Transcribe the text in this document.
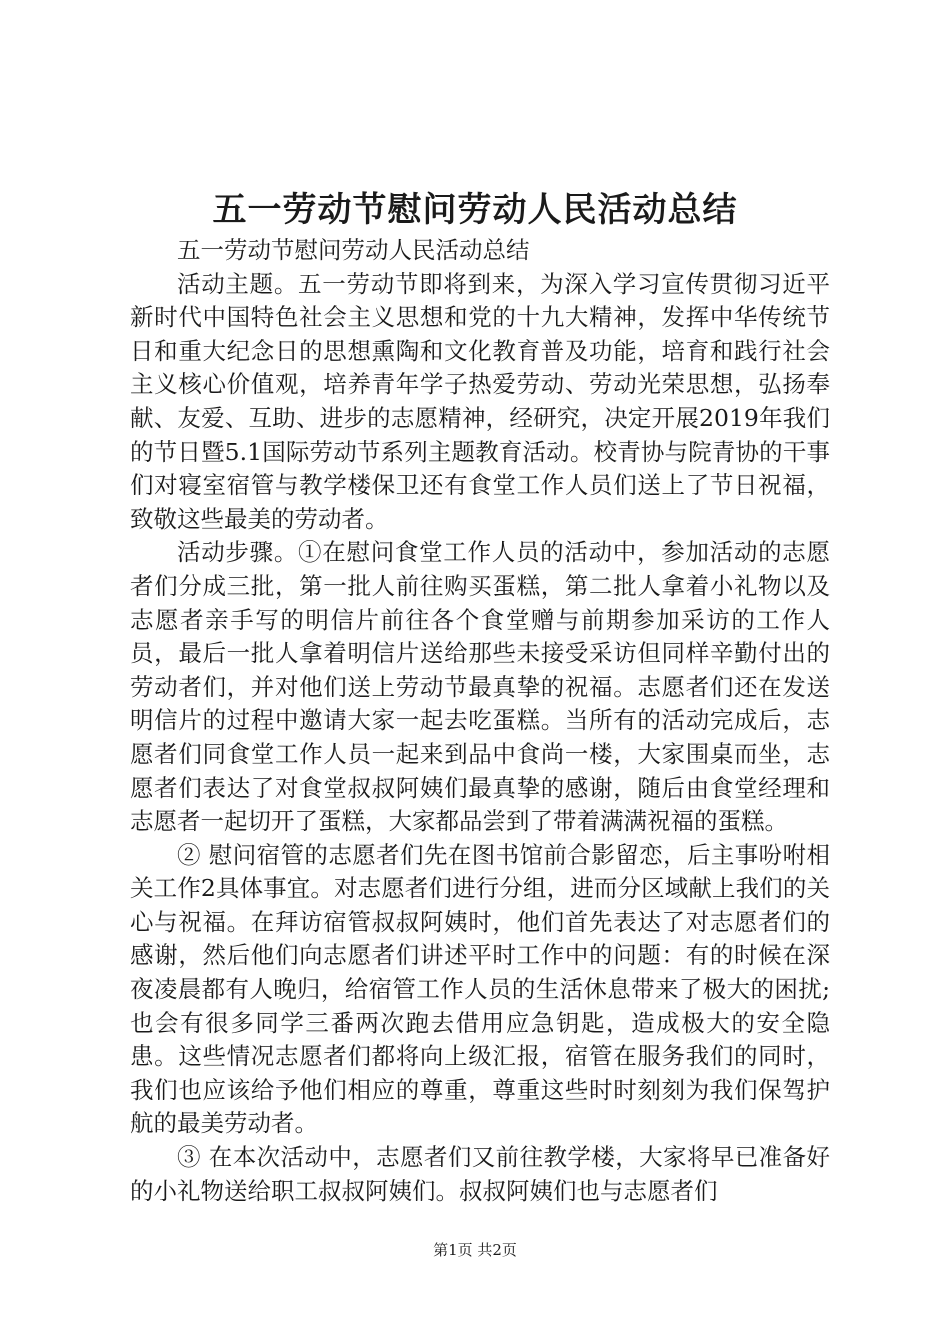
五一劳动节慰问劳动人民活动总结

五一劳动节慰问劳动人民活动总结

活动主题。五一劳动节即将到来，为深入学习宣传贯彻习近平新时代中国特色社会主义思想和党的十九大精神，发挥中华传统节日和重大纪念日的思想熏陶和文化教育普及功能，培育和践行社会主义核心价值观，培养青年学子热爱劳动、劳动光荣思想，弘扬奉献、友爱、互助、进步的志愿精神，经研究，决定开展2019年我们的节日暨5.1国际劳动节系列主题教育活动。校青协与院青协的干事们对寝室宿管与教学楼保卫还有食堂工作人员们送上了节日祝福，致敬这些最美的劳动者。

活动步骤。①在慰问食堂工作人员的活动中，参加活动的志愿者们分成三批，第一批人前往购买蛋糕，第二批人拿着小礼物以及志愿者亲手写的明信片前往各个食堂赠与前期参加采访的工作人员，最后一批人拿着明信片送给那些未接受采访但同样辛勤付出的劳动者们，并对他们送上劳动节最真挚的祝福。志愿者们还在发送明信片的过程中邀请大家一起去吃蛋糕。当所有的活动完成后，志愿者们同食堂工作人员一起来到品中食尚一楼，大家围桌而坐，志愿者们表达了对食堂叔叔阿姨们最真挚的感谢，随后由食堂经理和志愿者一起切开了蛋糕，大家都品尝到了带着满满祝福的蛋糕。

② 慰问宿管的志愿者们先在图书馆前合影留恋，后主事吩咐相关工作2具体事宜。对志愿者们进行分组，进而分区域献上我们的关心与祝福。在拜访宿管叔叔阿姨时，他们首先表达了对志愿者们的感谢，然后他们向志愿者们讲述平时工作中的问题：有的时候在深夜凌晨都有人晚归，给宿管工作人员的生活休息带来了极大的困扰;也会有很多同学三番两次跑去借用应急钥匙，造成极大的安全隐患。这些情况志愿者们都将向上级汇报，宿管在服务我们的同时，我们也应该给予他们相应的尊重，尊重这些时时刻刻为我们保驾护航的最美劳动者。

③ 在本次活动中，志愿者们又前往教学楼，大家将早已准备好的小礼物送给职工叔叔阿姨们。叔叔阿姨们也与志愿者们

第1页 共2页
